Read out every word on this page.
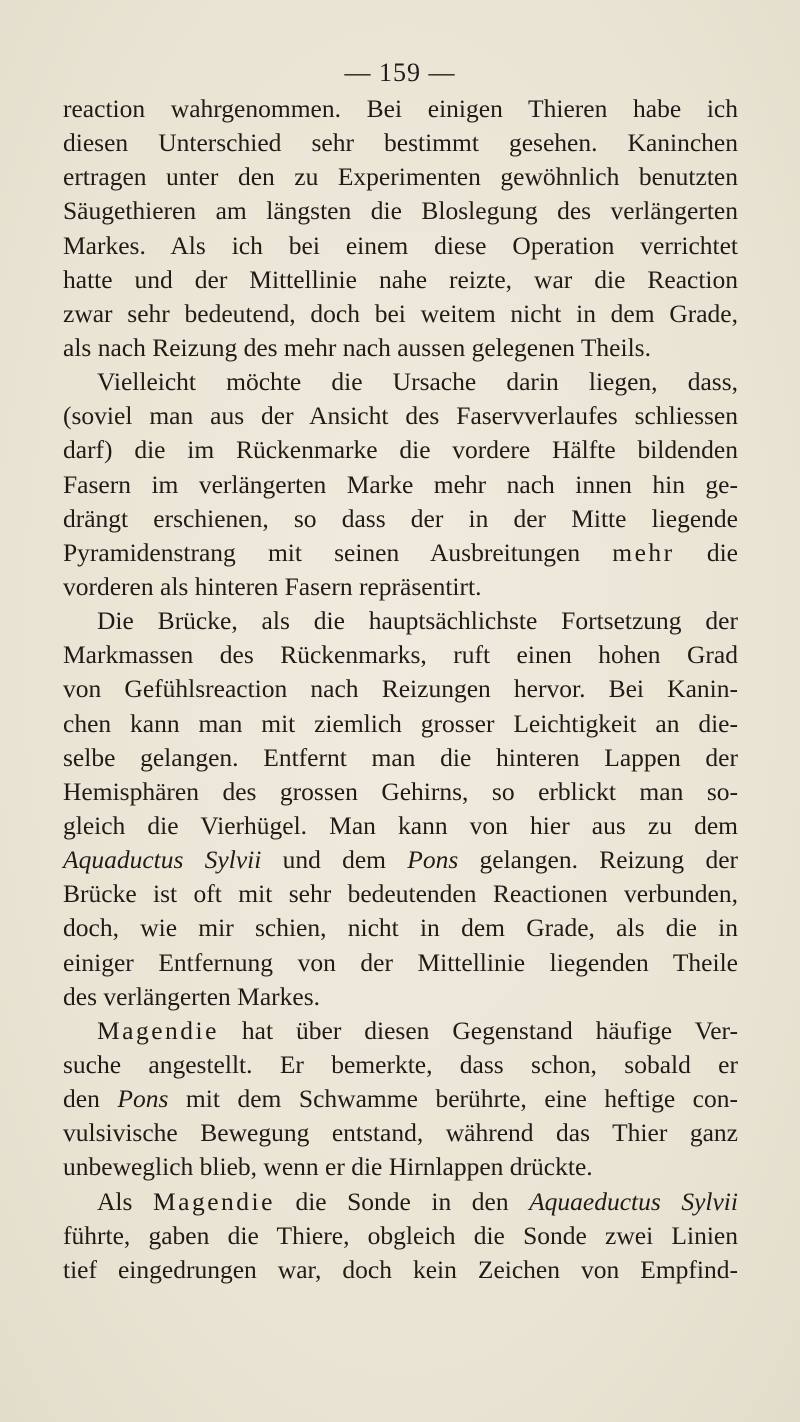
— 159 —
reaction wahrgenommen. Bei einigen Thieren habe ich
diesen Unterschied sehr bestimmt gesehen. Kaninchen
ertragen unter den zu Experimenten gewöhnlich benutzten
Säugethieren am längsten die Bloslegung des verlängerten
Markes. Als ich bei einem diese Operation verrichtet
hatte und der Mittellinie nahe reizte, war die Reaction
zwar sehr bedeutend, doch bei weitem nicht in dem Grade,
als nach Reizung des mehr nach aussen gelegenen Theils.
Vielleicht möchte die Ursache darin liegen, dass,
(soviel man aus der Ansicht des Faservverlaufes schliessen
darf) die im Rückenmarke die vordere Hälfte bildenden
Fasern im verlängerten Marke mehr nach innen hin ge-
drängt erschienen, so dass der in der Mitte liegende
Pyramidenstrang mit seinen Ausbreitungen mehr die
vorderen als hinteren Fasern repräsentirt.
Die Brücke, als die hauptsächlichste Fortsetzung der
Markmassen des Rückenmarks, ruft einen hohen Grad
von Gefühlsreaction nach Reizungen hervor. Bei Kanin-
chen kann man mit ziemlich grosser Leichtigkeit an die-
selbe gelangen. Entfernt man die hinteren Lappen der
Hemisphären des grossen Gehirns, so erblickt man so-
gleich die Vierhügel. Man kann von hier aus zu dem
Aquaductus Sylvii und dem Pons gelangen. Reizung der
Brücke ist oft mit sehr bedeutenden Reactionen verbunden,
doch, wie mir schien, nicht in dem Grade, als die in
einiger Entfernung von der Mittellinie liegenden Theile
des verlängerten Markes.
Magendie hat über diesen Gegenstand häufige Ver-
suche angestellt. Er bemerkte, dass schon, sobald er
den Pons mit dem Schwamme berührte, eine heftige con-
vulsivische Bewegung entstand, während das Thier ganz
unbeweglich blieb, wenn er die Hirnlappen drückte.
Als Magendie die Sonde in den Aquaeductus Sylvii
führte, gaben die Thiere, obgleich die Sonde zwei Linien
tief eingedrungen war, doch kein Zeichen von Empfind-
